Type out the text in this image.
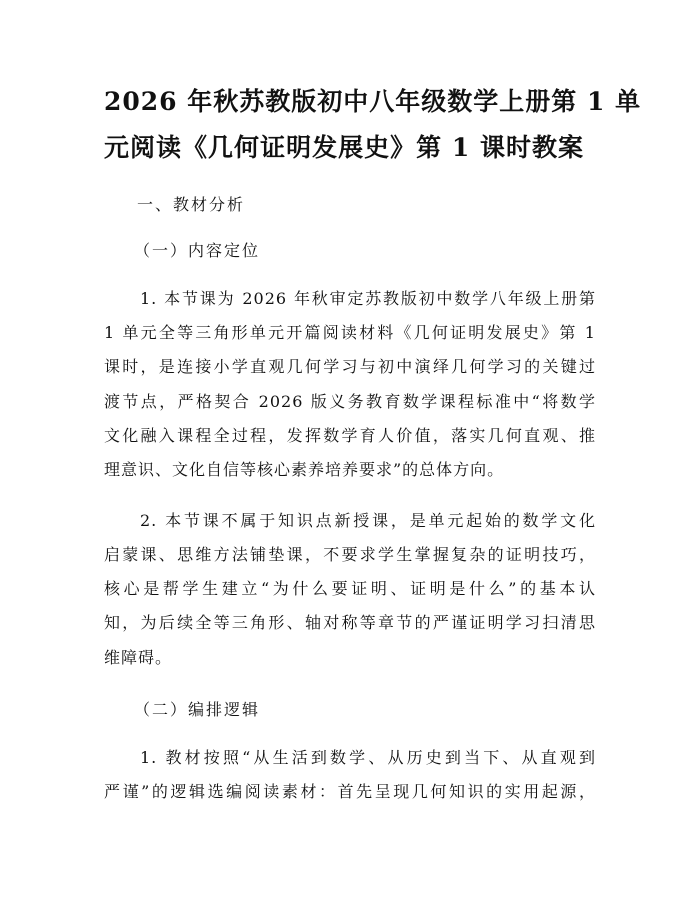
2026 年秋苏教版初中八年级数学上册第 1 单
元阅读《几何证明发展史》第 1 课时教案
一、教材分析
（一）内容定位

1. 本节课为 2026 年秋审定苏教版初中数学八年级上册第

1 单元全等三角形单元开篇阅读材料《几何证明发展史》第 1

课时，是连接小学直观几何学习与初中演绎几何学习的关键过

渡节点，严格契合 2026 版义务教育数学课程标准中“将数学

文化融入课程全过程，发挥数学育人价值，落实几何直观、推

理意识、文化自信等核心素养培养要求”的总体方向。

2. 本节课不属于知识点新授课，是单元起始的数学文化

启蒙课、思维方法铺垫课，不要求学生掌握复杂的证明技巧，

核心是帮学生建立“为什么要证明、证明是什么”的基本认

知，为后续全等三角形、轴对称等章节的严谨证明学习扫清思

维障碍。

（二）编排逻辑

1. 教材按照“从生活到数学、从历史到当下、从直观到

严谨”的逻辑选编阅读素材：首先呈现几何知识的实用起源，
